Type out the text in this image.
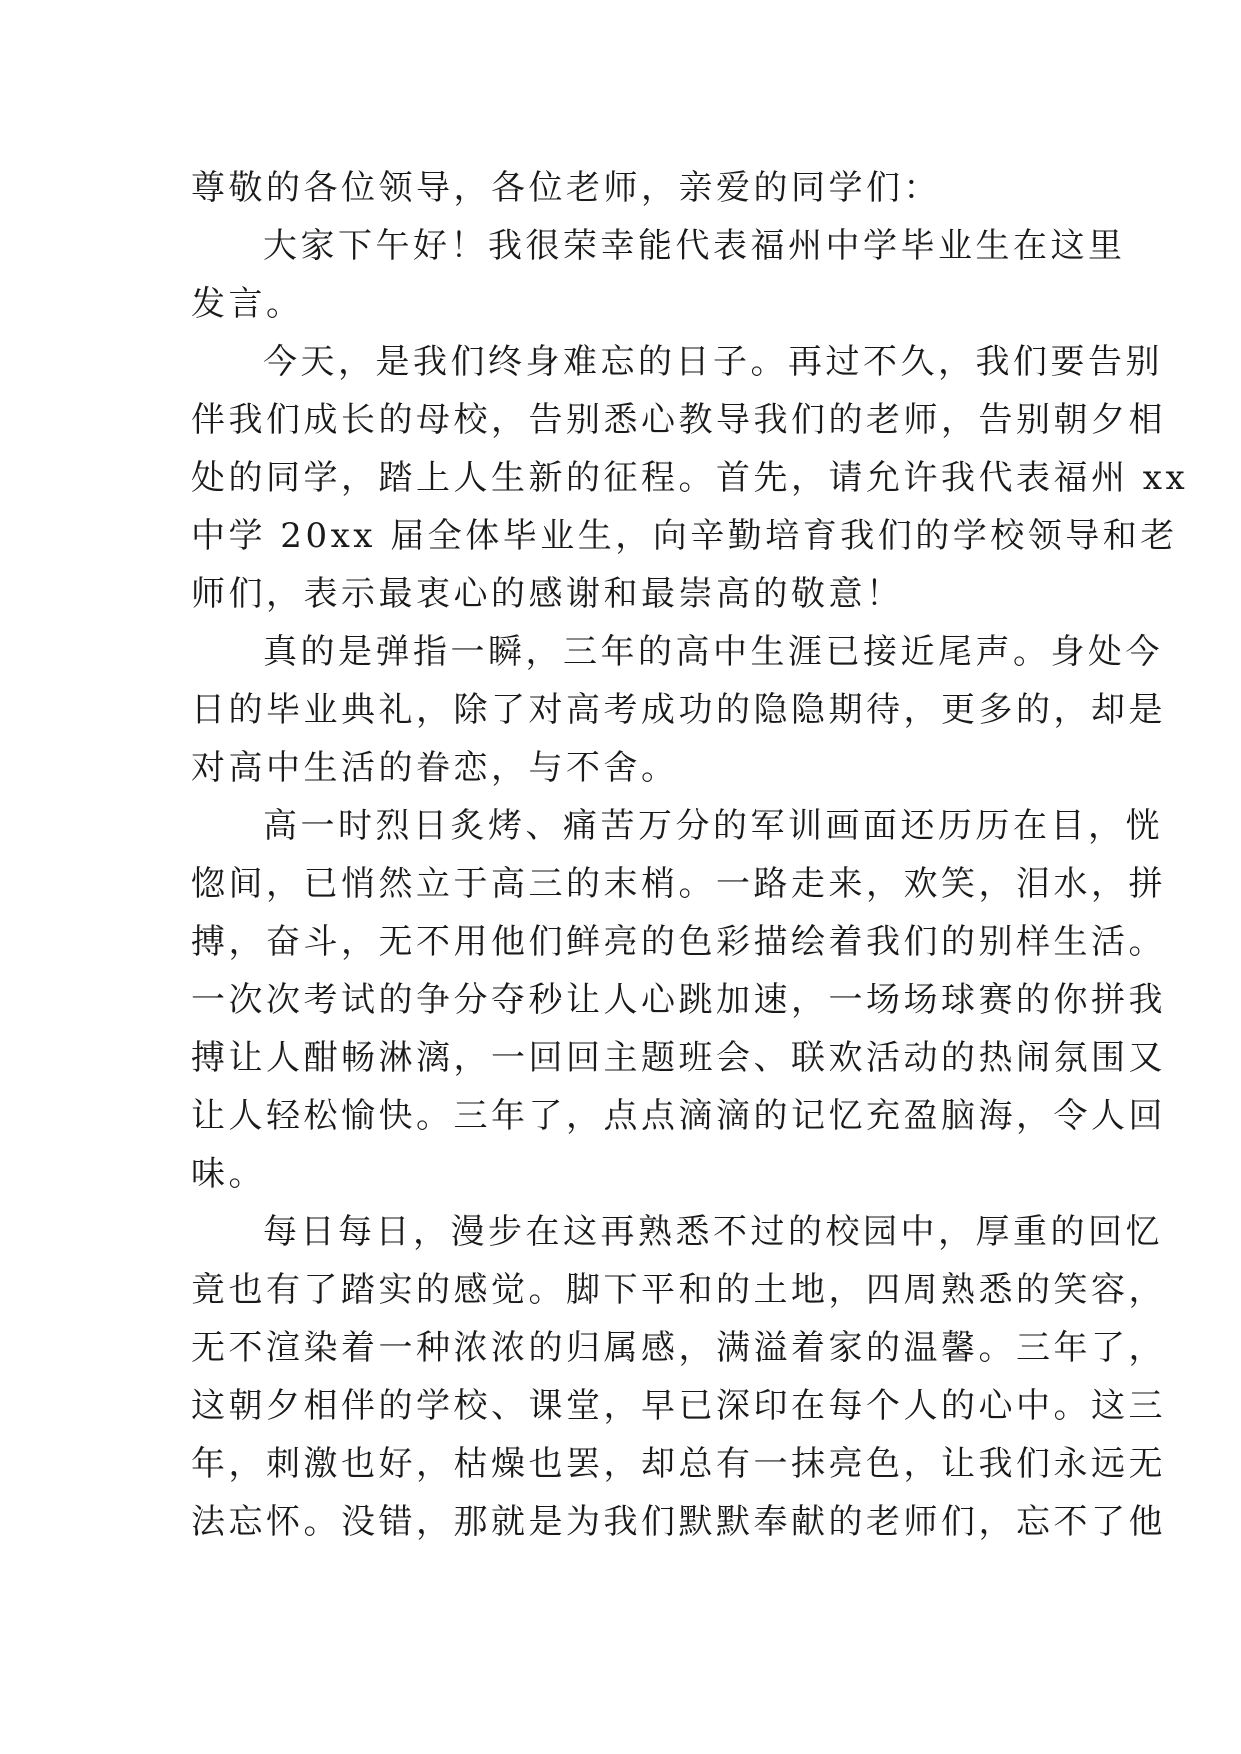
尊敬的各位领导，各位老师，亲爱的同学们：
大家下午好！我很荣幸能代表福州中学毕业生在这里
发言。
今天，是我们终身难忘的日子。再过不久，我们要告别
伴我们成长的母校，告别悉心教导我们的老师，告别朝夕相
处的同学，踏上人生新的征程。首先，请允许我代表福州 xx
中学 20xx 届全体毕业生，向辛勤培育我们的学校领导和老
师们，表示最衷心的感谢和最崇高的敬意！
真的是弹指一瞬，三年的高中生涯已接近尾声。身处今
日的毕业典礼，除了对高考成功的隐隐期待，更多的，却是
对高中生活的眷恋，与不舍。
高一时烈日炙烤、痛苦万分的军训画面还历历在目，恍
惚间，已悄然立于高三的末梢。一路走来，欢笑，泪水，拼
搏，奋斗，无不用他们鲜亮的色彩描绘着我们的别样生活。
一次次考试的争分夺秒让人心跳加速，一场场球赛的你拼我
搏让人酣畅淋漓，一回回主题班会、联欢活动的热闹氛围又
让人轻松愉快。三年了，点点滴滴的记忆充盈脑海，令人回
味。
每日每日，漫步在这再熟悉不过的校园中，厚重的回忆
竟也有了踏实的感觉。脚下平和的土地，四周熟悉的笑容，
无不渲染着一种浓浓的归属感，满溢着家的温馨。三年了，
这朝夕相伴的学校、课堂，早已深印在每个人的心中。这三
年，刺激也好，枯燥也罢，却总有一抹亮色，让我们永远无
法忘怀。没错，那就是为我们默默奉献的老师们，忘不了他
